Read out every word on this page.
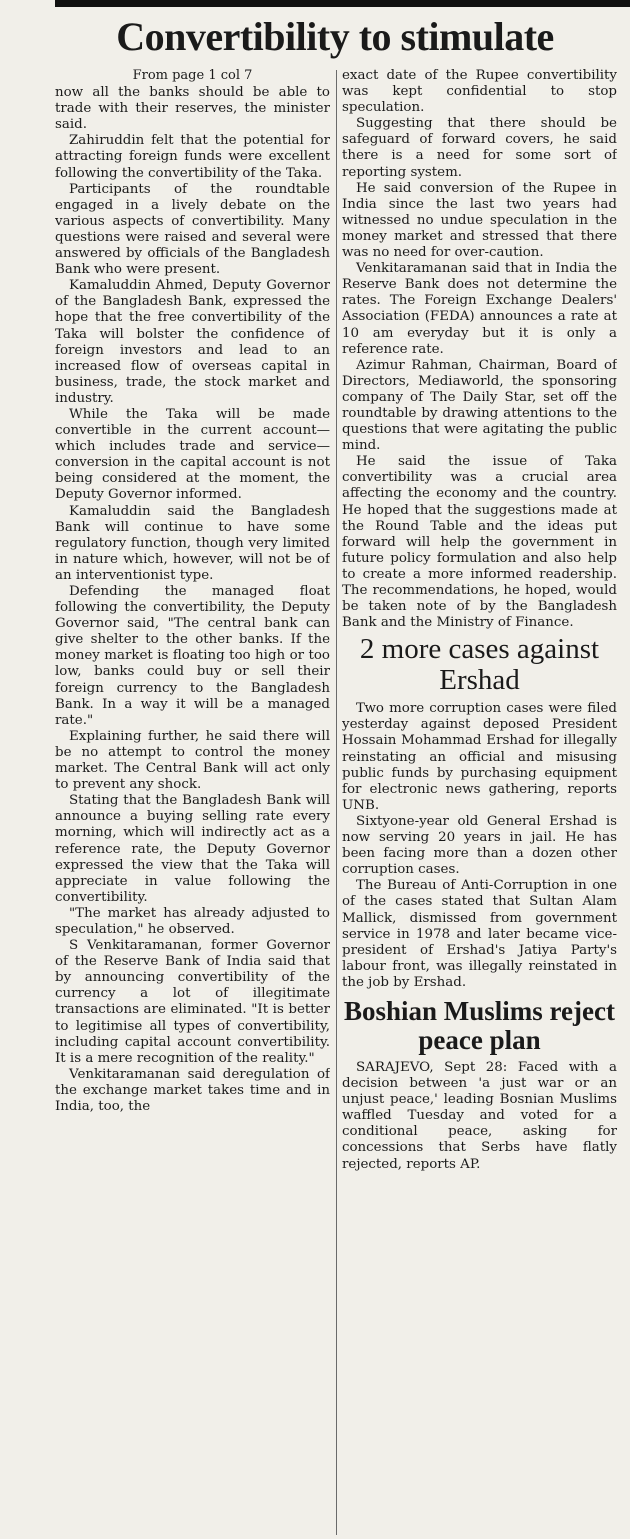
Convertibility to stimulate
From page 1 col 7

now all the banks should be able to trade with their reserves, the minister said.

Zahiruddin felt that the potential for attracting foreign funds were excellent following the convertibility of the Taka.

Participants of the roundtable engaged in a lively debate on the various aspects of convertibility. Many questions were raised and several were answered by officials of the Bangladesh Bank who were present.

Kamaluddin Ahmed, Deputy Governor of the Bangladesh Bank, expressed the hope that the free convertibility of the Taka will bolster the confidence of foreign investors and lead to an increased flow of overseas capital in business, trade, the stock market and industry.

While the Taka will be made convertible in the current account— which includes trade and service— conversion in the capital account is not being considered at the moment, the Deputy Governor informed.

Kamaluddin said the Bangladesh Bank will continue to have some regulatory function, though very limited in nature which, however, will not be of an interventionist type.

Defending the managed float following the convertibility, the Deputy Governor said, "The central bank can give shelter to the other banks. If the money market is floating too high or too low, banks could buy or sell their foreign currency to the Bangladesh Bank. In a way it will be a managed rate."

Explaining further, he said there will be no attempt to control the money market. The Central Bank will act only to prevent any shock.

Stating that the Bangladesh Bank will announce a buying selling rate every morning, which will indirectly act as a reference rate, the Deputy Governor expressed the view that the Taka will appreciate in value following the convertibility.

"The market has already adjusted to speculation," he observed.

S Venkitaramanan, former Governor of the Reserve Bank of India said that by announcing convertibility of the currency a lot of illegitimate transactions are eliminated. "It is better to legitimise all types of convertibility, including capital account convertibility. It is a mere recognition of the reality."

Venkitaramanan said deregulation of the exchange market takes time and in India, too, the

exact date of the Rupee convertibility was kept confidential to stop speculation.

Suggesting that there should be safeguard of forward covers, he said there is a need for some sort of reporting system.

He said conversion of the Rupee in India since the last two years had witnessed no undue speculation in the money market and stressed that there was no need for over-caution.

Venkitaramanan said that in India the Reserve Bank does not determine the rates. The Foreign Exchange Dealers' Association (FEDA) announces a rate at 10 am everyday but it is only a reference rate.

Azimur Rahman, Chairman, Board of Directors, Mediaworld, the sponsoring company of The Daily Star, set off the roundtable by drawing attentions to the questions that were agitating the public mind.

He said the issue of Taka convertibility was a crucial area affecting the economy and the country. He hoped that the suggestions made at the Round Table and the ideas put forward will help the government in future policy formulation and also help to create a more informed readership. The recommendations, he hoped, would be taken note of by the Bangladesh Bank and the Ministry of Finance.

2 more cases against Ershad

Two more corruption cases were filed yesterday against deposed President Hossain Mohammad Ershad for illegally reinstating an official and misusing public funds by purchasing equipment for electronic news gathering, reports UNB.

Sixtyone-year old General Ershad is now serving 20 years in jail. He has been facing more than a dozen other corruption cases.

The Bureau of Anti-Corruption in one of the cases stated that Sultan Alam Mallick, dismissed from government service in 1978 and later became vice-president of Ershad's Jatiya Party's labour front, was illegally reinstated in the job by Ershad.

Boshian Muslims reject peace plan

SARAJEVO, Sept 28: Faced with a decision between 'a just war or an unjust peace,' leading Bosnian Muslims waffled Tuesday and voted for a conditional peace, asking for concessions that Serbs have flatly rejected, reports AP.
